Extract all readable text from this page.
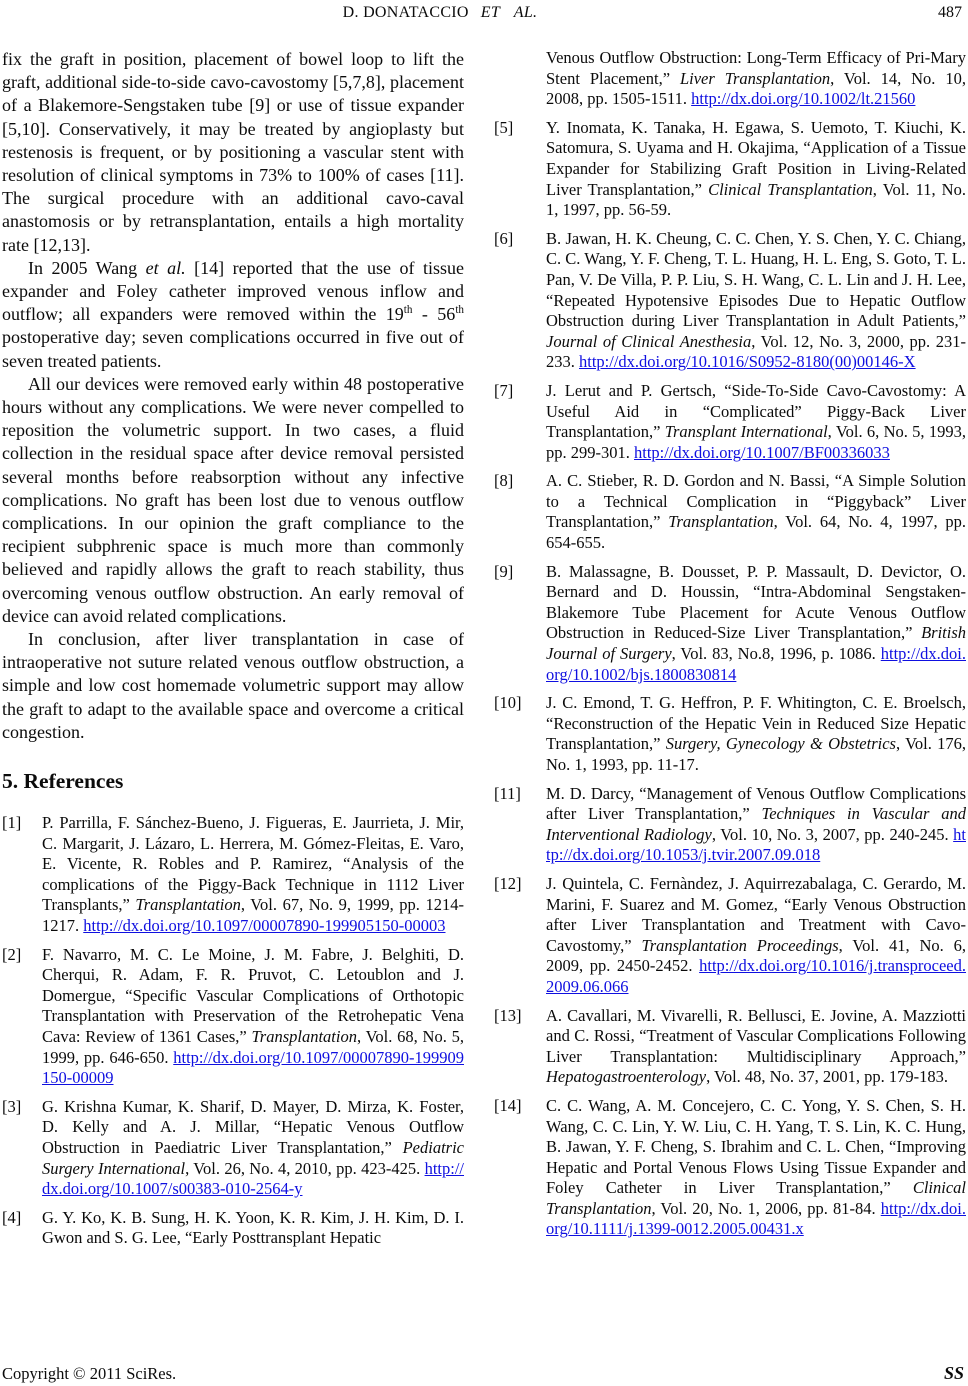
D. DONATACCIO ET AL.	487

fix the graft in position, placement of bowel loop to lift the graft, additional side-to-side cavo-cavostomy [5,7,8], placement of a Blakemore-Sengstaken tube [9] or use of tissue expander [5,10]. Conservatively, it may be treated by angioplasty but restenosis is frequent, or by positioning a vascular stent with resolution of clinical symptoms in 73% to 100% of cases [11]. The surgical procedure with an additional cavo-caval anastomosis or by retransplantation, entails a high mortality rate [12,13].

In 2005 Wang et al. [14] reported that the use of tissue expander and Foley catheter improved venous inflow and outflow; all expanders were removed within the 19th - 56th postoperative day; seven complications occurred in five out of seven treated patients.

All our devices were removed early within 48 postoperative hours without any complications. We were never compelled to reposition the volumetric support. In two cases, a fluid collection in the residual space after device removal persisted several months before reabsorption without any infective complications. No graft has been lost due to venous outflow complications. In our opinion the graft compliance to the recipient subphrenic space is much more than commonly believed and rapidly allows the graft to reach stability, thus overcoming venous outflow obstruction. An early removal of device can avoid related complications.

In conclusion, after liver transplantation in case of intraoperative not suture related venous outflow obstruction, a simple and low cost homemade volumetric support may allow the graft to adapt to the available space and overcome a critical congestion.

5. References
[1] P. Parrilla, F. Sánchez-Bueno, J. Figueras, E. Jaurrieta, J. Mir, C. Margarit, J. Lázaro, L. Herrera, M. Gómez-Fleitas, E. Varo, E. Vicente, R. Robles and P. Ramirez, “Analysis of the complications of the Piggy-Back Technique in 1112 Liver Transplants,” Transplantation, Vol. 67, No. 9, 1999, pp. 1214-1217. http://dx.doi.org/10.1097/00007890-199905150-00003
[2] F. Navarro, M. C. Le Moine, J. M. Fabre, J. Belghiti, D. Cherqui, R. Adam, F. R. Pruvot, C. Letoublon and J. Domergue, “Specific Vascular Complications of Orthotopic Transplantation with Preservation of the Retrohepatic Vena Cava: Review of 1361 Cases,” Transplantation, Vol. 68, No. 5, 1999, pp. 646-650. http://dx.doi.org/10.1097/00007890-199909150-00009
[3] G. Krishna Kumar, K. Sharif, D. Mayer, D. Mirza, K. Foster, D. Kelly and A. J. Millar, “Hepatic Venous Outflow Obstruction in Paediatric Liver Transplantation,” Pediatric Surgery International, Vol. 26, No. 4, 2010, pp. 423-425. http://dx.doi.org/10.1007/s00383-010-2564-y
[4] G. Y. Ko, K. B. Sung, H. K. Yoon, K. R. Kim, J. H. Kim, D. I. Gwon and S. G. Lee, “Early Posttransplant Hepatic
Venous Outflow Obstruction: Long-Term Efficacy of Pri-Mary Stent Placement,” Liver Transplantation, Vol. 14, No. 10, 2008, pp. 1505-1511. http://dx.doi.org/10.1002/lt.21560
[5] Y. Inomata, K. Tanaka, H. Egawa, S. Uemoto, T. Kiuchi, K. Satomura, S. Uyama and H. Okajima, “Application of a Tissue Expander for Stabilizing Graft Position in Living-Related Liver Transplantation,” Clinical Transplantation, Vol. 11, No. 1, 1997, pp. 56-59.
[6] B. Jawan, H. K. Cheung, C. C. Chen, Y. S. Chen, Y. C. Chiang, C. C. Wang, Y. F. Cheng, T. L. Huang, H. L. Eng, S. Goto, T. L. Pan, V. De Villa, P. P. Liu, S. H. Wang, C. L. Lin and J. H. Lee, “Repeated Hypotensive Episodes Due to Hepatic Outflow Obstruction during Liver Transplantation in Adult Patients,” Journal of Clinical Anesthesia, Vol. 12, No. 3, 2000, pp. 231-233. http://dx.doi.org/10.1016/S0952-8180(00)00146-X
[7] J. Lerut and P. Gertsch, “Side-To-Side Cavo-Cavostomy: A Useful Aid in “Complicated” Piggy-Back Liver Transplantation,” Transplant International, Vol. 6, No. 5, 1993, pp. 299-301. http://dx.doi.org/10.1007/BF00336033
[8] A. C. Stieber, R. D. Gordon and N. Bassi, “A Simple Solution to a Technical Complication in “Piggyback” Liver Transplantation,” Transplantation, Vol. 64, No. 4, 1997, pp. 654-655.
[9] B. Malassagne, B. Dousset, P. P. Massault, D. Devictor, O. Bernard and D. Houssin, “Intra-Abdominal Sengstaken-Blakemore Tube Placement for Acute Venous Outflow Obstruction in Reduced-Size Liver Transplantation,” British Journal of Surgery, Vol. 83, No.8, 1996, p. 1086. http://dx.doi.org/10.1002/bjs.1800830814
[10] J. C. Emond, T. G. Heffron, P. F. Whitington, C. E. Broelsch, “Reconstruction of the Hepatic Vein in Reduced Size Hepatic Transplantation,” Surgery, Gynecology & Obstetrics, Vol. 176, No. 1, 1993, pp. 11-17.
[11] M. D. Darcy, “Management of Venous Outflow Complications after Liver Transplantation,” Techniques in Vascular and Interventional Radiology, Vol. 10, No. 3, 2007, pp. 240-245. http://dx.doi.org/10.1053/j.tvir.2007.09.018
[12] J. Quintela, C. Fernàndez, J. Aquirrezabalaga, C. Gerardo, M. Marini, F. Suarez and M. Gomez, “Early Venous Obstruction after Liver Transplantation and Treatment with Cavo-Cavostomy,” Transplantation Proceedings, Vol. 41, No. 6, 2009, pp. 2450-2452. http://dx.doi.org/10.1016/j.transproceed.2009.06.066
[13] A. Cavallari, M. Vivarelli, R. Bellusci, E. Jovine, A. Mazziotti and C. Rossi, “Treatment of Vascular Complications Following Liver Transplantation: Multidisciplinary Approach,” Hepatogastroenterology, Vol. 48, No. 37, 2001, pp. 179-183.
[14] C. C. Wang, A. M. Concejero, C. C. Yong, Y. S. Chen, S. H. Wang, C. C. Lin, Y. W. Liu, C. H. Yang, T. S. Lin, K. C. Hung, B. Jawan, Y. F. Cheng, S. Ibrahim and C. L. Chen, “Improving Hepatic and Portal Venous Flows Using Tissue Expander and Foley Catheter in Liver Transplantation,” Clinical Transplantation, Vol. 20, No. 1, 2006, pp. 81-84. http://dx.doi.org/10.1111/j.1399-0012.2005.00431.x
Copyright © 2011 SciRes.	SS
